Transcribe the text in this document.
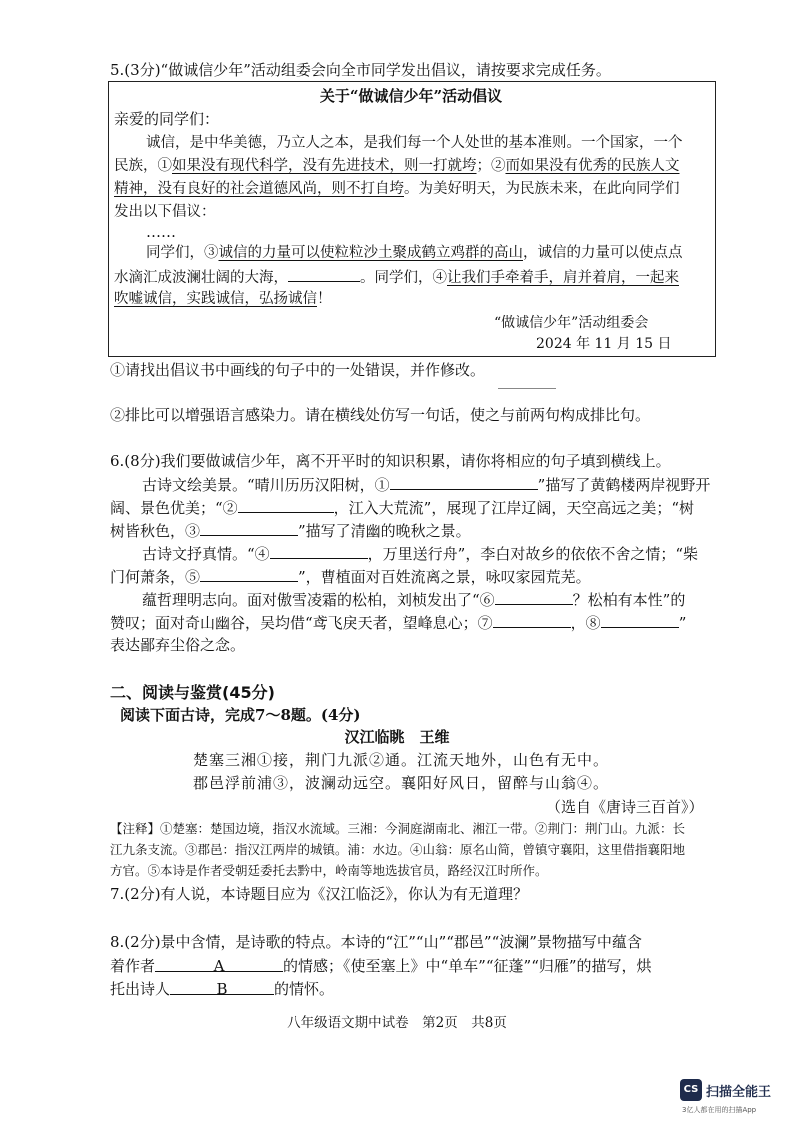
5.(3分)“做诚信少年”活动组委会向全市同学发出倡议，请按要求完成任务。
关于“做诚信少年”活动倡议
亲爱的同学们：
诚信，是中华美德，乃立人之本，是我们每一个人处世的基本准则。一个国家，一个
民族，①如果没有现代科学，没有先进技术，则一打就垮；②而如果没有优秀的民族人文
精神，没有良好的社会道德风尚，则不打自垮。为美好明天，为民族未来，在此向同学们
发出以下倡议：
……
同学们，③诚信的力量可以使粒粒沙土聚成鹤立鸡群的高山，诚信的力量可以使点点
水滴汇成波澜壮阔的大海，	。同学们，④让我们手牵着手，肩并着肩，一起来
吹嘘诚信，实践诚信，弘扬诚信！
“做诚信少年”活动组委会
2024 年 11 月 15 日
①请找出倡议书中画线的句子中的一处错误，并作修改。
②排比可以增强语言感染力。请在横线处仿写一句话，使之与前两句构成排比句。
6.(8分)我们要做诚信少年，离不开平时的知识积累，请你将相应的句子填到横线上。
古诗文绘美景。“晴川历历汉阳树，①	”描写了黄鹤楼两岸视野开
阔、景色优美；“②	，江入大荒流”，展现了江岸辽阔，天空高远之美；“树
树皆秋色，③	”描写了清幽的晚秋之景。
古诗文抒真情。“④	，万里送行舟”，李白对故乡的依依不舍之情；“柴
门何萧条，⑤	”，曹植面对百姓流离之景，咏叹家园荒芜。
蕴哲理明志向。面对傲雪凌霜的松柏，刘桢发出了“⑥	？松柏有本性”的
赞叹；面对奇山幽谷，吴均借“鸢飞戾天者，望峰息心；⑦	，⑧	”
表达鄙弃尘俗之念。
二、阅读与鉴赏(45分)
阅读下面古诗，完成7～8题。(4分)
汉江临眺　王维
楚塞三湘①接，荆门九派②通。江流天地外，山色有无中。
郡邑浮前浦③，波澜动远空。襄阳好风日，留醉与山翁④。
（选自《唐诗三百首》）
【注释】①楚塞：楚国边境，指汉水流域。三湘：今洞庭湖南北、湘江一带。②荆门：荆门山。九派：长
江九条支流。③郡邑：指汉江两岸的城镇。浦：水边。④山翁：原名山简，曾镇守襄阳，这里借指襄阳地
方官。⑤本诗是作者受朝廷委托去黔中，岭南等地选拔官员，路经汉江时所作。
7.(2分)有人说，本诗题目应为《汉江临泛》，你认为有无道理？
8.(2分)景中含情，是诗歌的特点。本诗的“江”“山”“郡邑”“波澜”景物描写中蕴含
着作者	A	的情感；《使至塞上》中“单车”“征蓬”“归雁”的描写，烘
托出诗人	B	的情怀。
八年级语文期中试卷　第2页　共8页
CS 扫描全能王
3亿人都在用的扫描App
